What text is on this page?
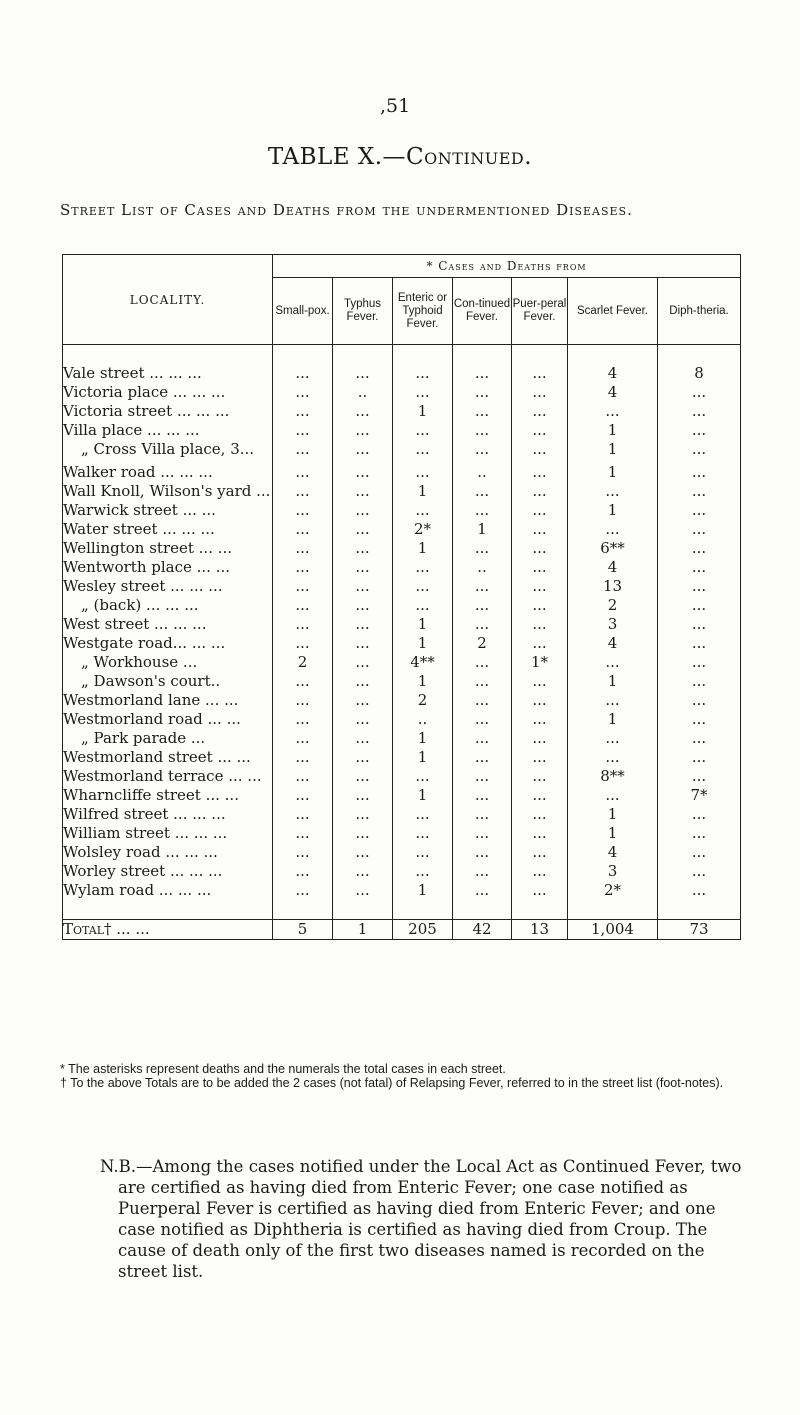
,51
TABLE X.—Continued.
Street List of Cases and Deaths from the undermentioned Diseases.
LOCALITY.	* Cases and Deaths from						
	Small-pox.	Typhus Fever.	Enteric or Typhoid Fever.	Con-tinued Fever.	Puer-peral Fever.	Scarlet Fever.	Diph-theria.

Vale street ... ... ...	...	...	...	...	...	4	8
Victoria place ... ... ...	...	..	...	...	...	4	...
Victoria street ... ... ...	...	...	1	...	...	...	...
Villa place ... ... ...	...	...	...	...	...	1	...
„ Cross Villa place, 3...	...	...	...	...	...	1	...
Walker road ... ... ...	...	...	...	..	...	1	...
Wall Knoll, Wilson's yard ...	...	...	1	...	...	...	...
Warwick street ... ...	...	...	...	...	...	1	...
Water street ... ... ...	...	...	2*	1	...	...	...
Wellington street ... ...	...	...	1	...	...	6**	...
Wentworth place ... ...	...	...	...	..	...	4	...
Wesley street ... ... ...	...	...	...	...	...	13	...
„ (back) ... ... ...	...	...	...	...	...	2	...
West street ... ... ...	...	...	1	...	...	3	...
Westgate road... ... ...	...	...	1	2	...	4	...
„ Workhouse ...	2	...	4**	...	1*	...	...
„ Dawson's court..	...	...	1	...	...	1	...
Westmorland lane ... ...	...	...	2	...	...	...	...
Westmorland road ... ...	...	...	..	...	...	1	...
„ Park parade ...	...	...	1	...	...	...	...
Westmorland street ... ...	...	...	1	...	...	...	...
Westmorland terrace ... ...	...	...	...	...	...	8**	...
Wharncliffe street ... ...	...	...	1	...	...	...	7*
Wilfred street ... ... ...	...	...	...	...	...	1	...
William street ... ... ...	...	...	...	...	...	1	...
Wolsley road ... ... ...	...	...	...	...	...	4	...
Worley street ... ... ...	...	...	...	...	...	3	...
Wylam road ... ... ...	...	...	1	...	...	2*	...

Total† ... ...	5	1	205	42	13	1,004	73
* The asterisks represent deaths and the numerals the total cases in each street.
† To the above Totals are to be added the 2 cases (not fatal) of Relapsing Fever, referred to in the street list (foot-notes).
N.B.—Among the cases notified under the Local Act as Continued Fever, two are certified as having died from Enteric Fever; one case notified as Puerperal Fever is certified as having died from Enteric Fever; and one case notified as Diphtheria is certified as having died from Croup. The cause of death only of the first two diseases named is recorded on the street list.
